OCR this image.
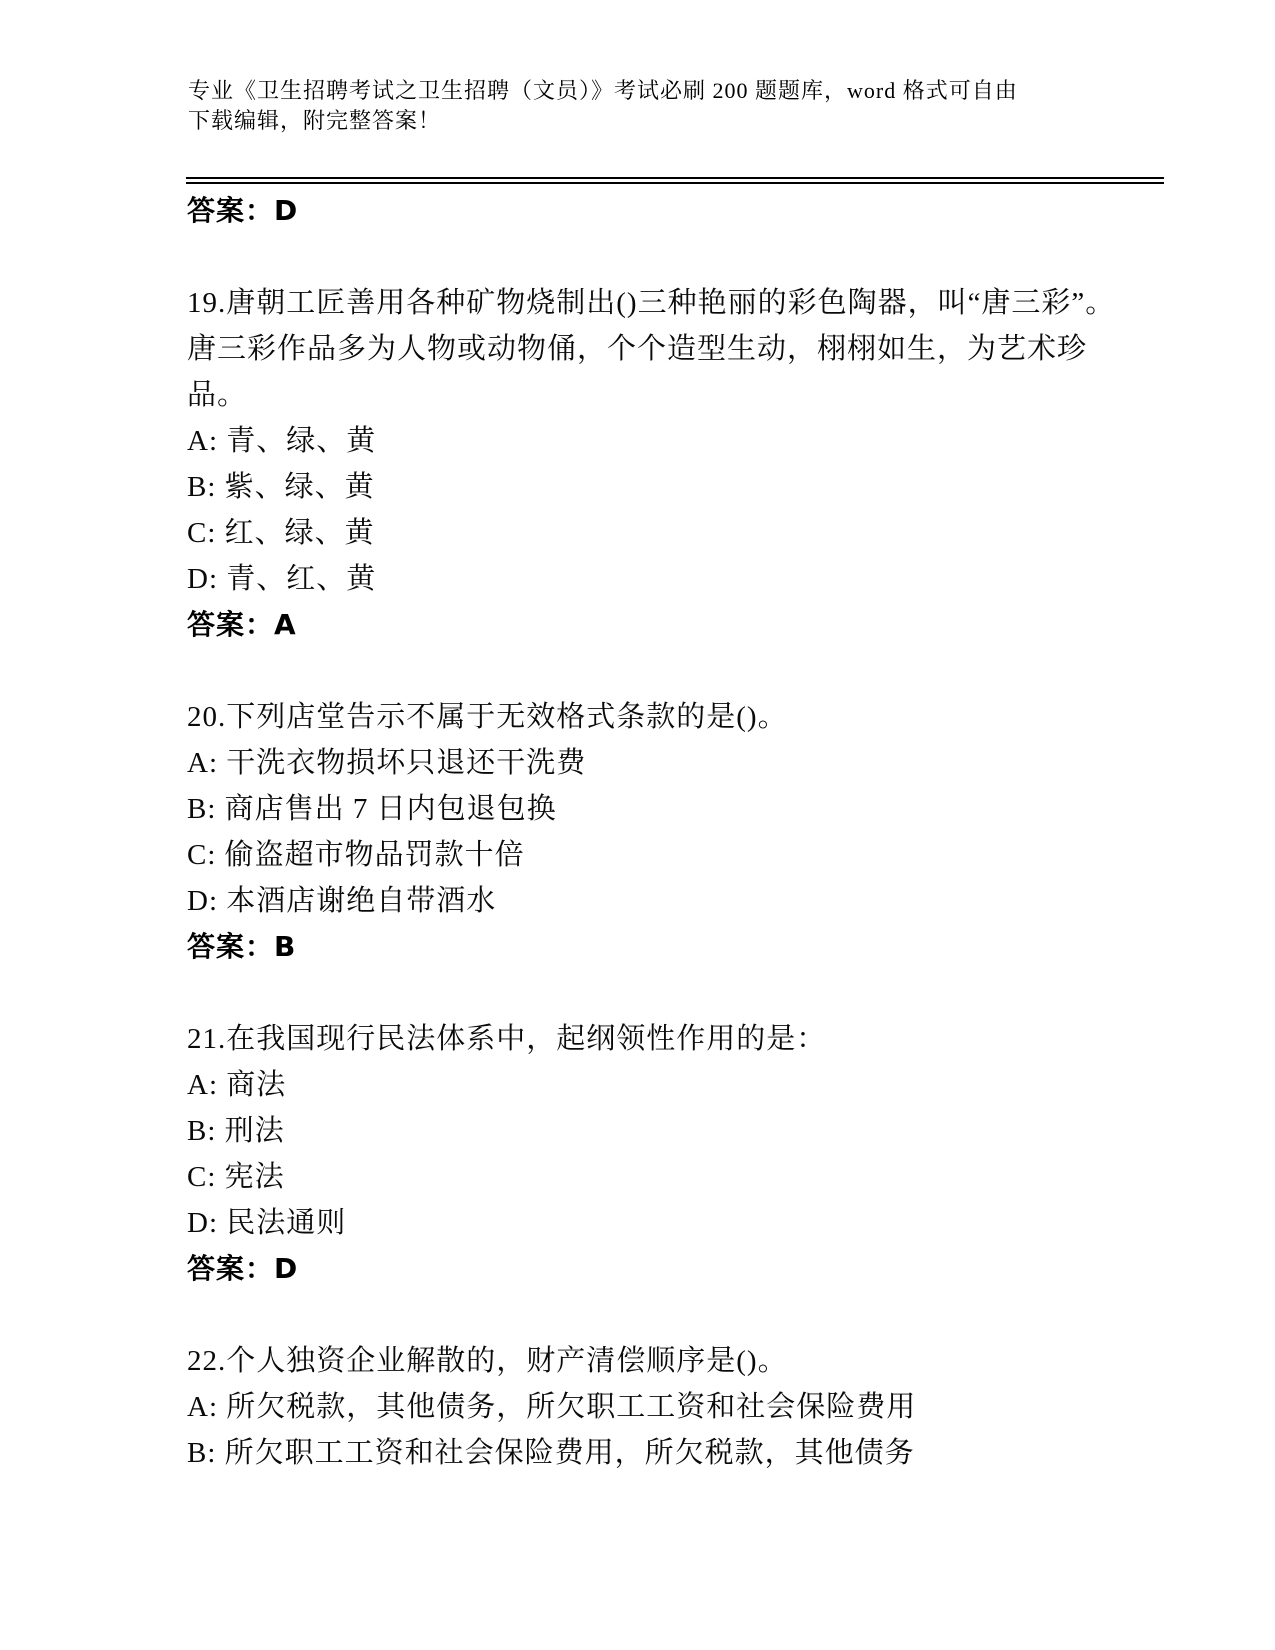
专业《卫生招聘考试之卫生招聘（文员）》考试必刷 200 题题库，word 格式可自由下载编辑，附完整答案！

答案：D

19.唐朝工匠善用各种矿物烧制出()三种艳丽的彩色陶器，叫“唐三彩”。唐三彩作品多为人物或动物俑，个个造型生动，栩栩如生，为艺术珍品。

A: 青、绿、黄

B: 紫、绿、黄

C: 红、绿、黄

D: 青、红、黄

答案：A

20.下列店堂告示不属于无效格式条款的是()。

A: 干洗衣物损坏只退还干洗费

B: 商店售出 7 日内包退包换

C: 偷盗超市物品罚款十倍

D: 本酒店谢绝自带酒水

答案：B

21.在我国现行民法体系中，起纲领性作用的是：

A: 商法

B: 刑法

C: 宪法

D: 民法通则

答案：D

22.个人独资企业解散的，财产清偿顺序是()。

A: 所欠税款，其他债务，所欠职工工资和社会保险费用

B: 所欠职工工资和社会保险费用，所欠税款，其他债务
